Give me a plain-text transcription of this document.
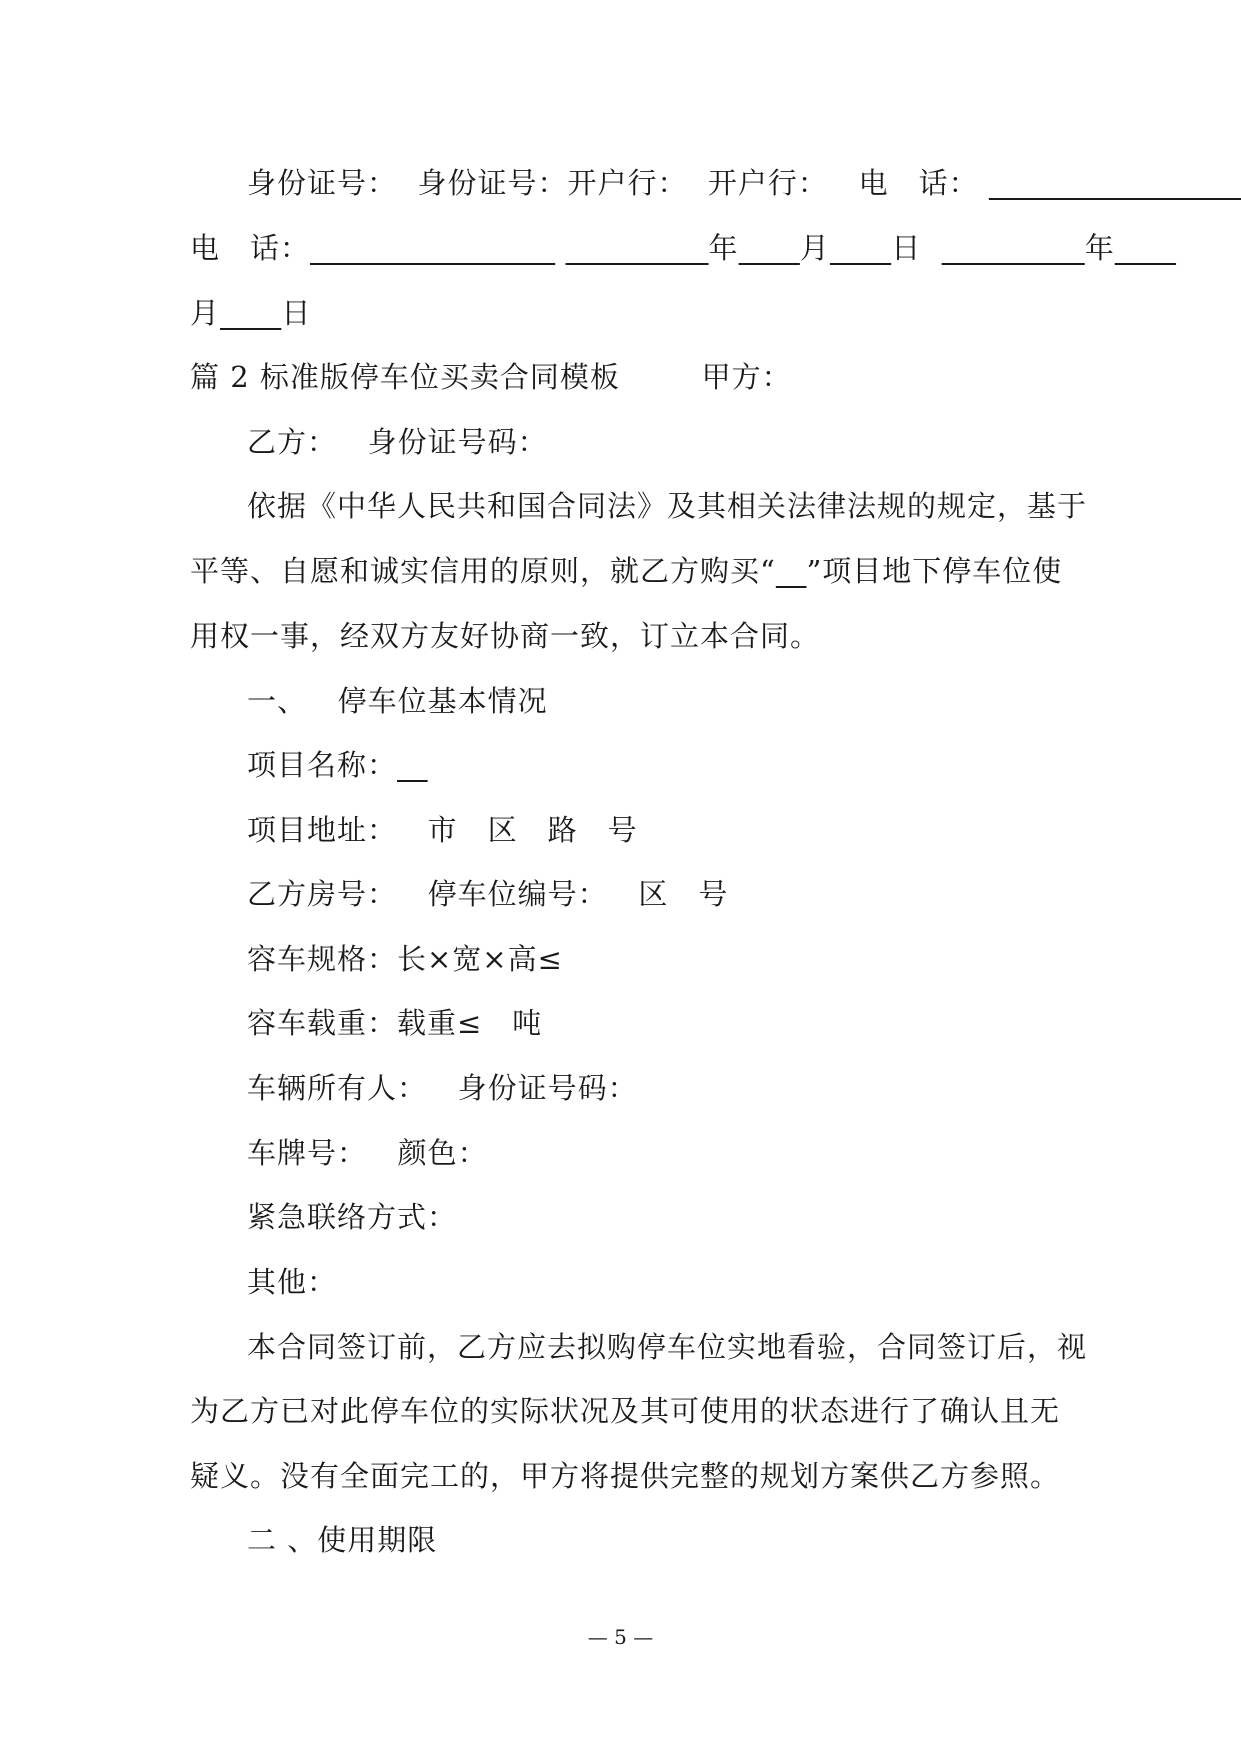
身份证号： 身份证号：开户行： 开户行： 电　话：
电　话：	年 月 日	年
月 日
篇 2 标准版停车位买卖合同模板	甲方：
乙方： 身份证号码：
依据《中华人民共和国合同法》及其相关法律法规的规定，基于
平等、自愿和诚实信用的原则，就乙方购买“ ”项目地下停车位使
用权一事，经双方友好协商一致，订立本合同。
一、 停车位基本情况
项目名称：
项目地址： 市　区　路　号
乙方房号： 停车位编号： 区　号
容车规格：长×宽×高≤
容车载重：载重≤　吨
车辆所有人： 身份证号码：
车牌号： 颜色：
紧急联络方式：
其他：
本合同签订前，乙方应去拟购停车位实地看验，合同签订后，视
为乙方已对此停车位的实际状况及其可使用的状态进行了确认且无
疑义。没有全面完工的，甲方将提供完整的规划方案供乙方参照。
二 、使用期限
— 5 —
